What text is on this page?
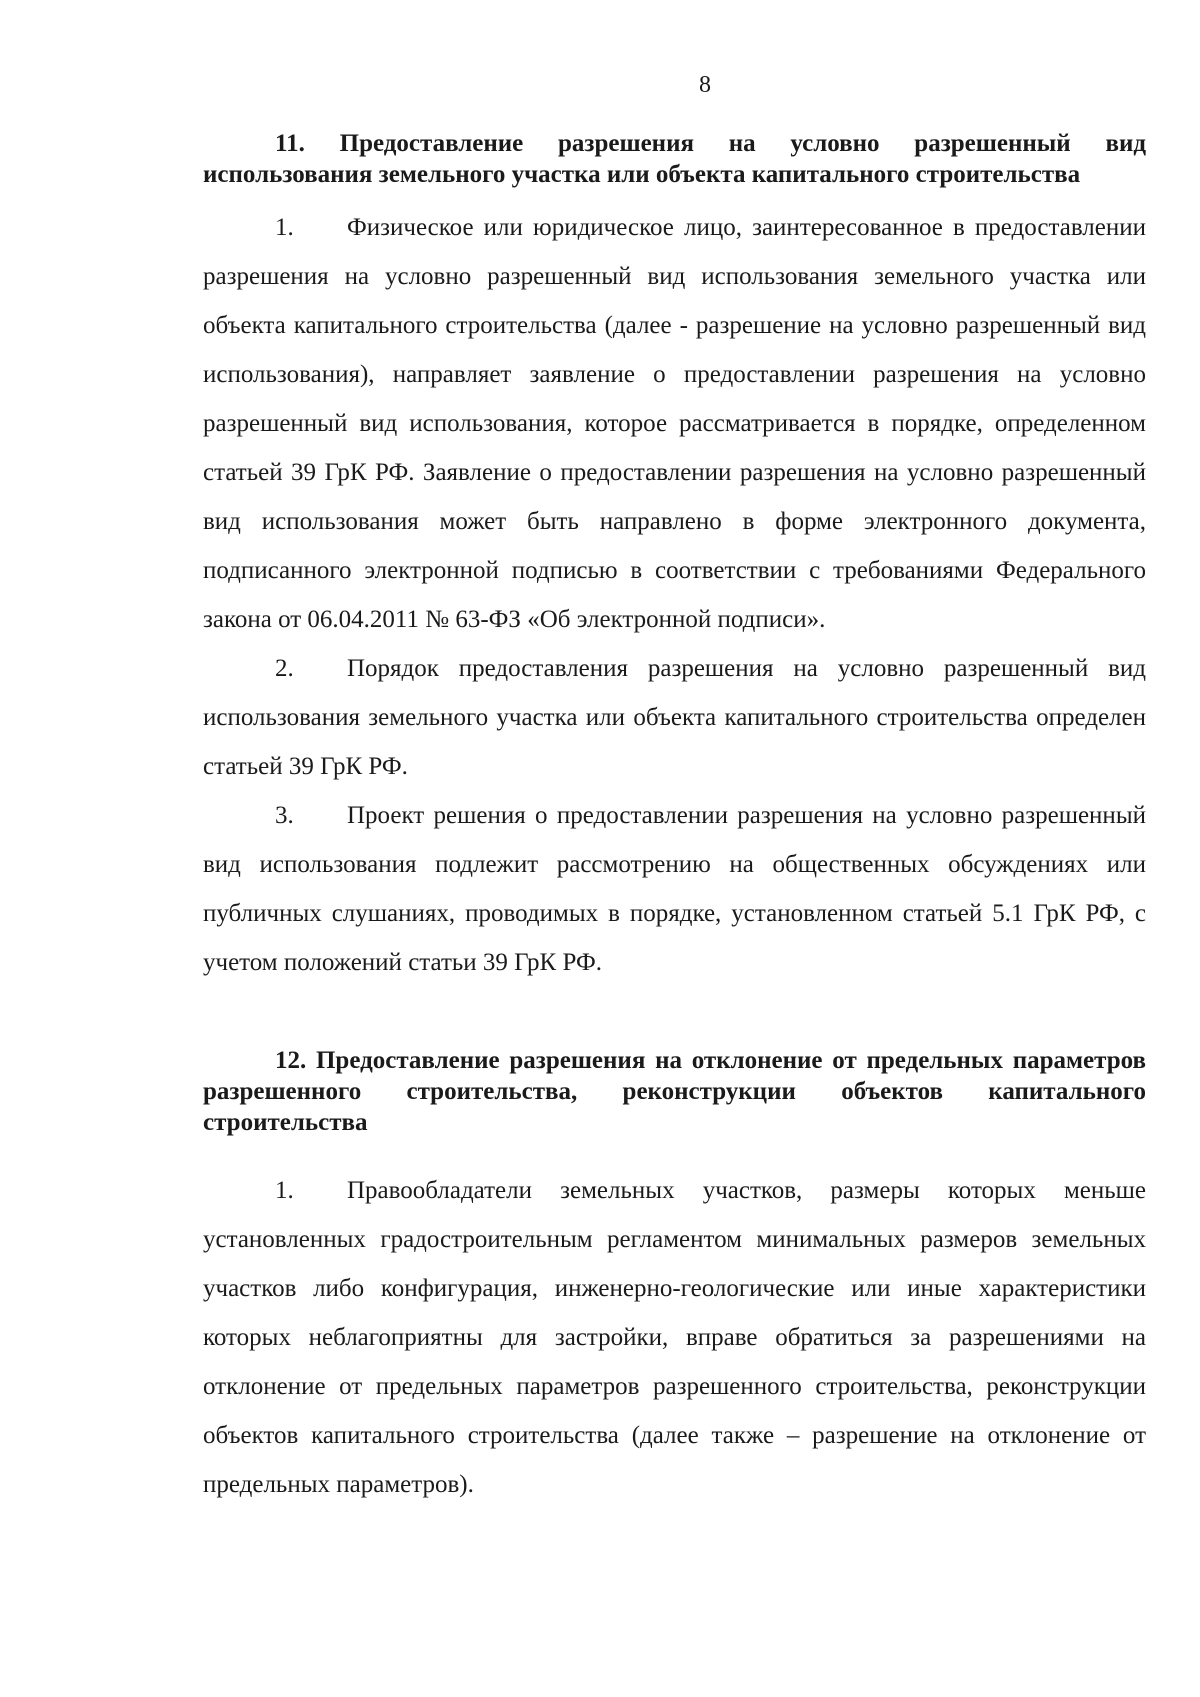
8

11. Предоставление разрешения на условно разрешенный вид использования земельного участка или объекта капитального строительства

1. Физическое или юридическое лицо, заинтересованное в предоставлении разрешения на условно разрешенный вид использования земельного участка или объекта капитального строительства (далее - разрешение на условно разрешенный вид использования), направляет заявление о предоставлении разрешения на условно разрешенный вид использования, которое рассматривается в порядке, определенном статьей 39 ГрК РФ. Заявление о предоставлении разрешения на условно разрешенный вид использования может быть направлено в форме электронного документа, подписанного электронной подписью в соответствии с требованиями Федерального закона от 06.04.2011 № 63-ФЗ «Об электронной подписи».

2. Порядок предоставления разрешения на условно разрешенный вид использования земельного участка или объекта капитального строительства определен статьей 39 ГрК РФ.

3. Проект решения о предоставлении разрешения на условно разрешенный вид использования подлежит рассмотрению на общественных обсуждениях или публичных слушаниях, проводимых в порядке, установленном статьей 5.1 ГрК РФ, с учетом положений статьи 39 ГрК РФ.

12. Предоставление разрешения на отклонение от предельных параметров разрешенного строительства, реконструкции объектов капитального строительства

1. Правообладатели земельных участков, размеры которых меньше установленных градостроительным регламентом минимальных размеров земельных участков либо конфигурация, инженерно-геологические или иные характеристики которых неблагоприятны для застройки, вправе обратиться за разрешениями на отклонение от предельных параметров разрешенного строительства, реконструкции объектов капитального строительства (далее также – разрешение на отклонение от предельных параметров).
